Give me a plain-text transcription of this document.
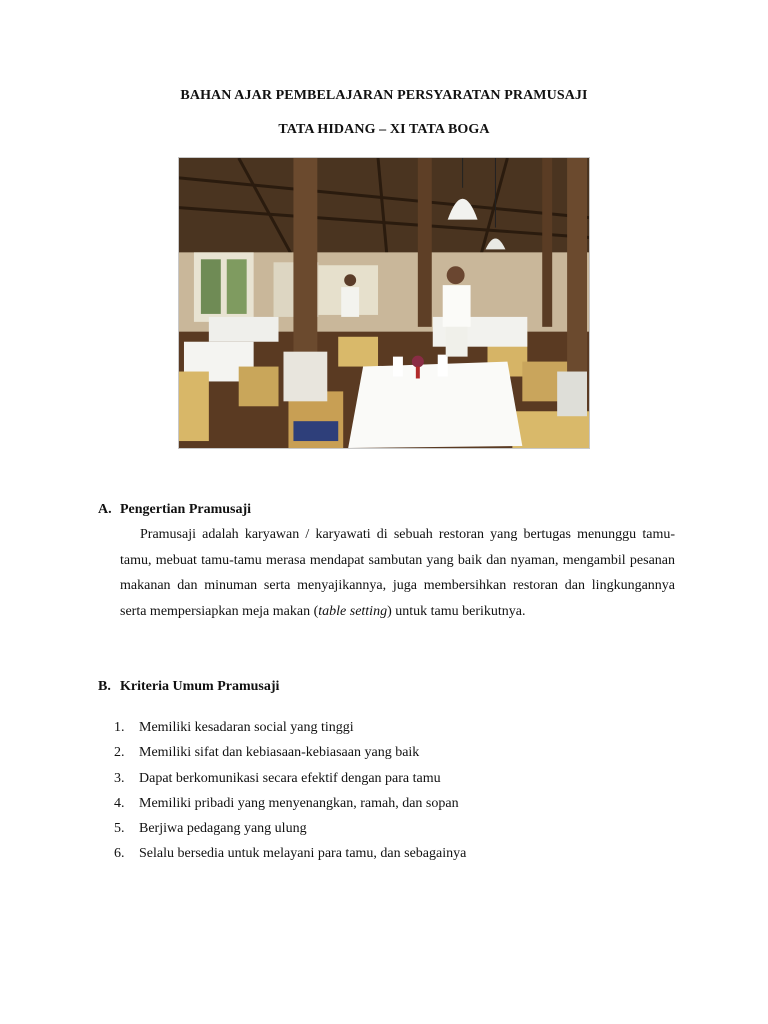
BAHAN AJAR PEMBELAJARAN PERSYARATAN PRAMUSAJI
TATA HIDANG – XI TATA BOGA
A. Pengertian Pramusaji
Pramusaji adalah karyawan / karyawati di sebuah restoran yang bertugas menunggu tamu- tamu, mebuat tamu-tamu merasa mendapat sambutan yang baik dan nyaman, mengambil pesanan makanan dan minuman serta menyajikannya, juga membersihkan restoran dan lingkungannya serta mempersiapkan meja makan (table setting) untuk tamu berikutnya.
B. Kriteria Umum Pramusaji
1. Memiliki kesadaran social yang tinggi
2. Memiliki sifat dan kebiasaan-kebiasaan yang baik
3. Dapat berkomunikasi secara efektif dengan para tamu
4. Memiliki pribadi yang menyenangkan, ramah, dan sopan
5. Berjiwa pedagang yang ulung
6. Selalu bersedia untuk melayani para tamu, dan sebagainya
